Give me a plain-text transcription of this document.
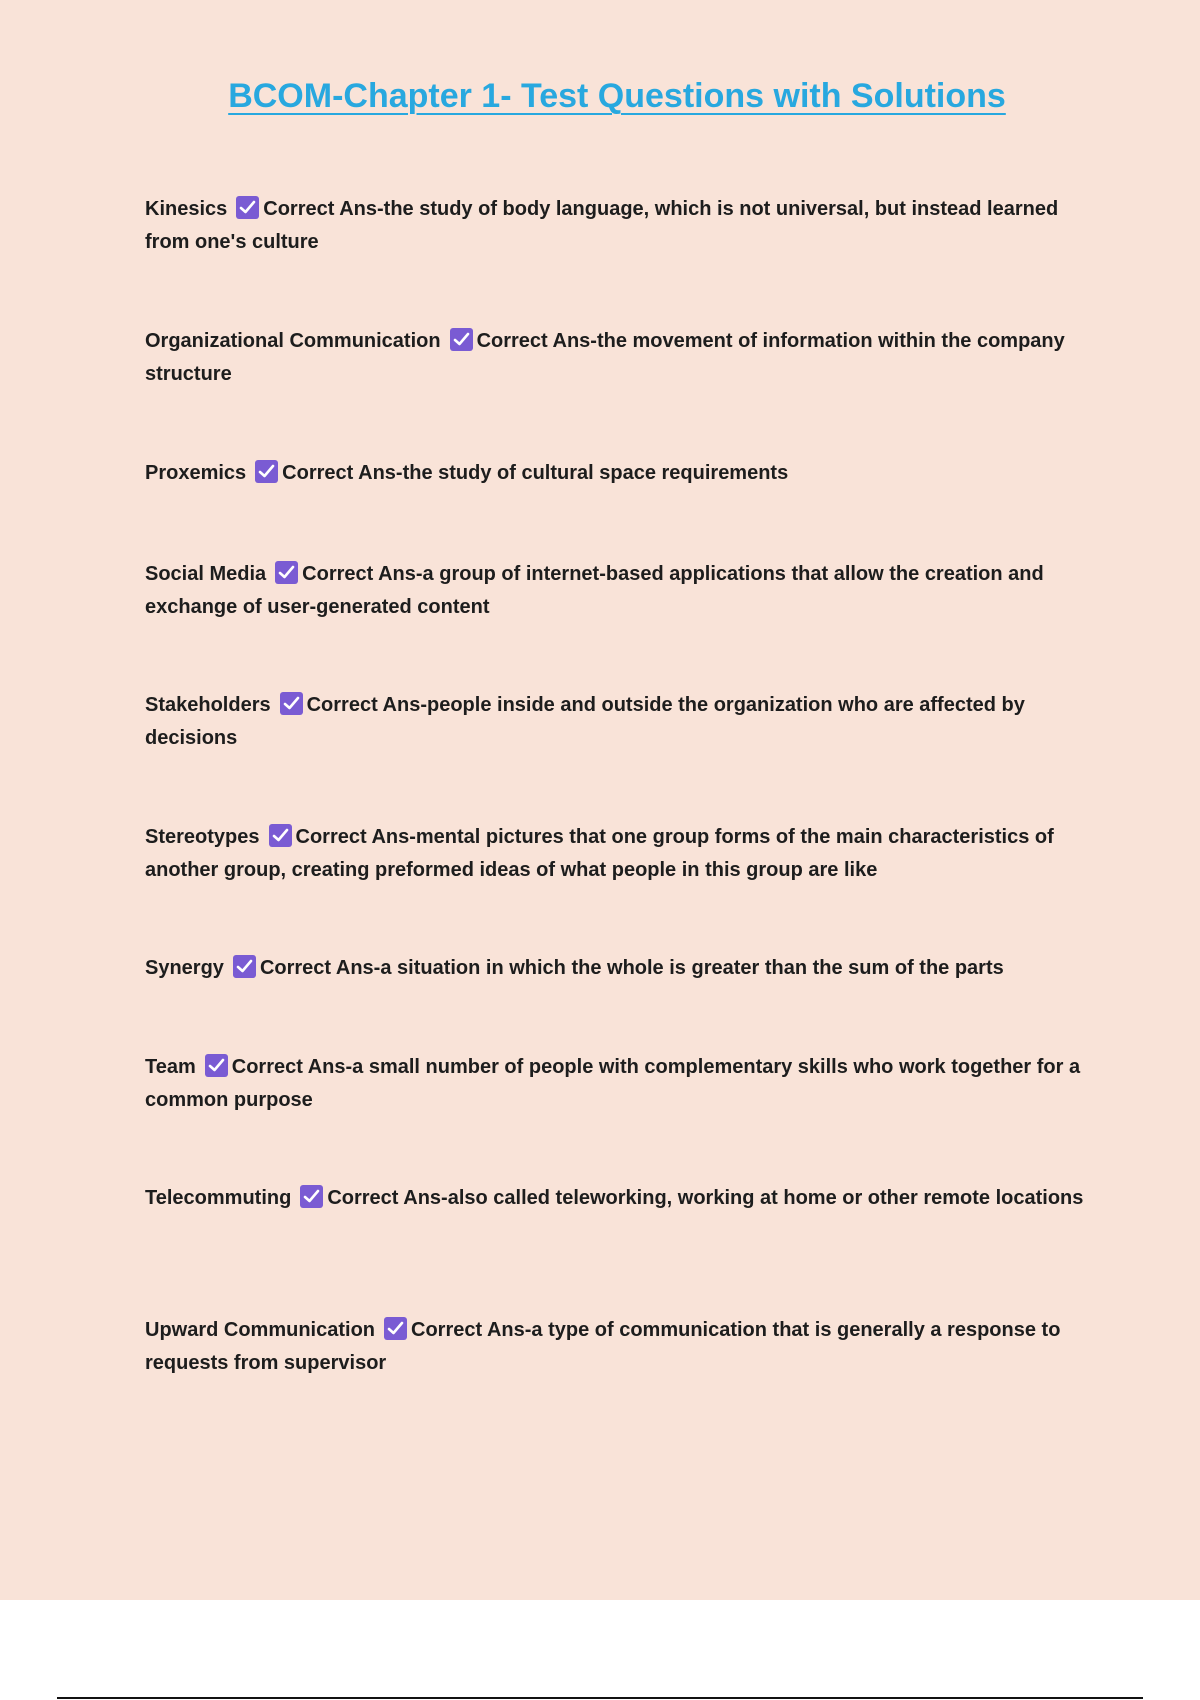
BCOM-Chapter 1- Test Questions with Solutions

Kinesics Correct Ans-the study of body language, which is not universal, but instead learned from one's culture

Organizational Communication Correct Ans-the movement of information within the company structure

Proxemics Correct Ans-the study of cultural space requirements

Social Media Correct Ans-a group of internet-based applications that allow the creation and exchange of user-generated content

Stakeholders Correct Ans-people inside and outside the organization who are affected by decisions

Stereotypes Correct Ans-mental pictures that one group forms of the main characteristics of another group, creating preformed ideas of what people in this group are like

Synergy Correct Ans-a situation in which the whole is greater than the sum of the parts

Team Correct Ans-a small number of people with complementary skills who work together for a common purpose

Telecommuting Correct Ans-also called teleworking, working at home or other remote locations

Upward Communication Correct Ans-a type of communication that is generally a response to requests from supervisor
